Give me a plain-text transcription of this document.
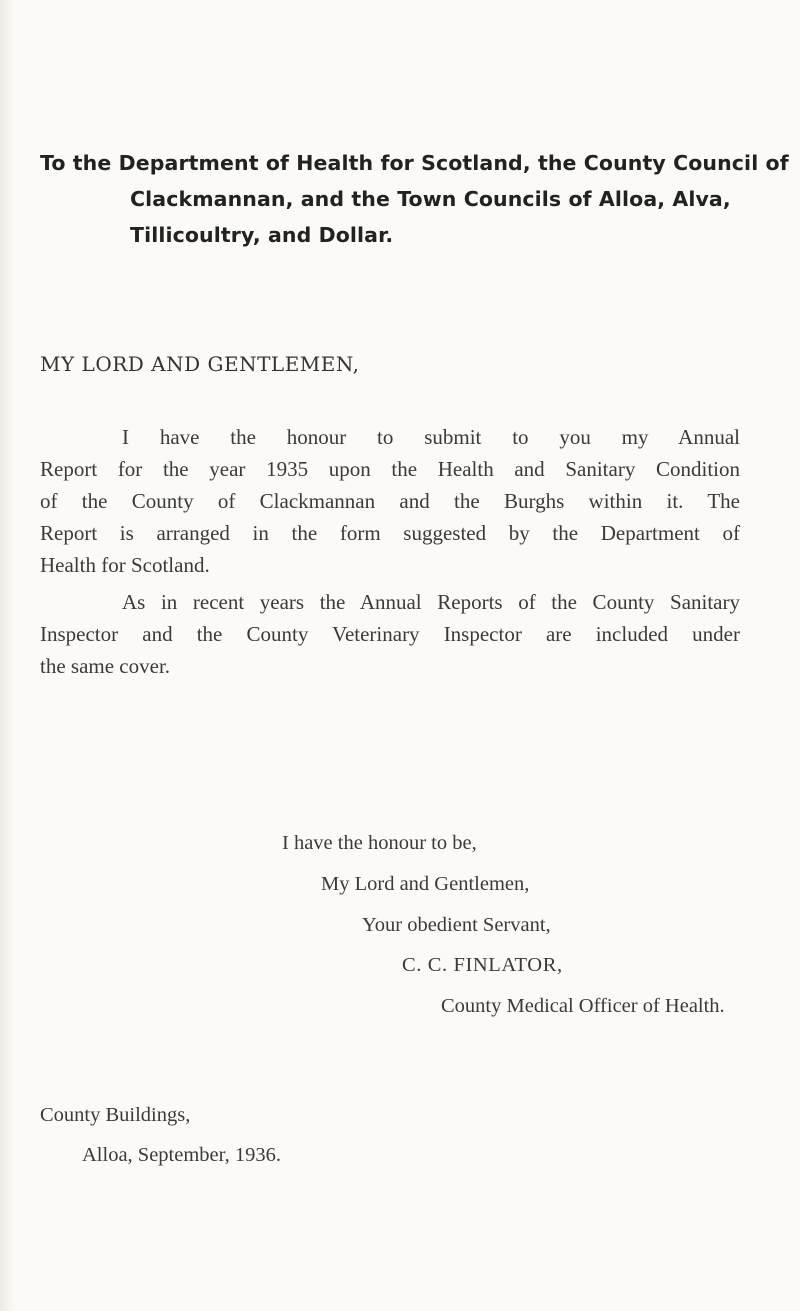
To the Department of Health for Scotland, the County Council of
Clackmannan, and the Town Councils of Alloa, Alva,
Tillicoultry, and Dollar.
MY LORD AND GENTLEMEN,

I have the honour to submit to you my Annual
Report for the year 1935 upon the Health and Sanitary Condition
of the County of Clackmannan and the Burghs within it. The
Report is arranged in the form suggested by the Department of
Health for Scotland.

As in recent years the Annual Reports of the County Sanitary
Inspector and the County Veterinary Inspector are included under
the same cover.

I have the honour to be,
My Lord and Gentlemen,
Your obedient Servant,
C. C. FINLATOR,
County Medical Officer of Health.
County Buildings,
Alloa, September, 1936.
